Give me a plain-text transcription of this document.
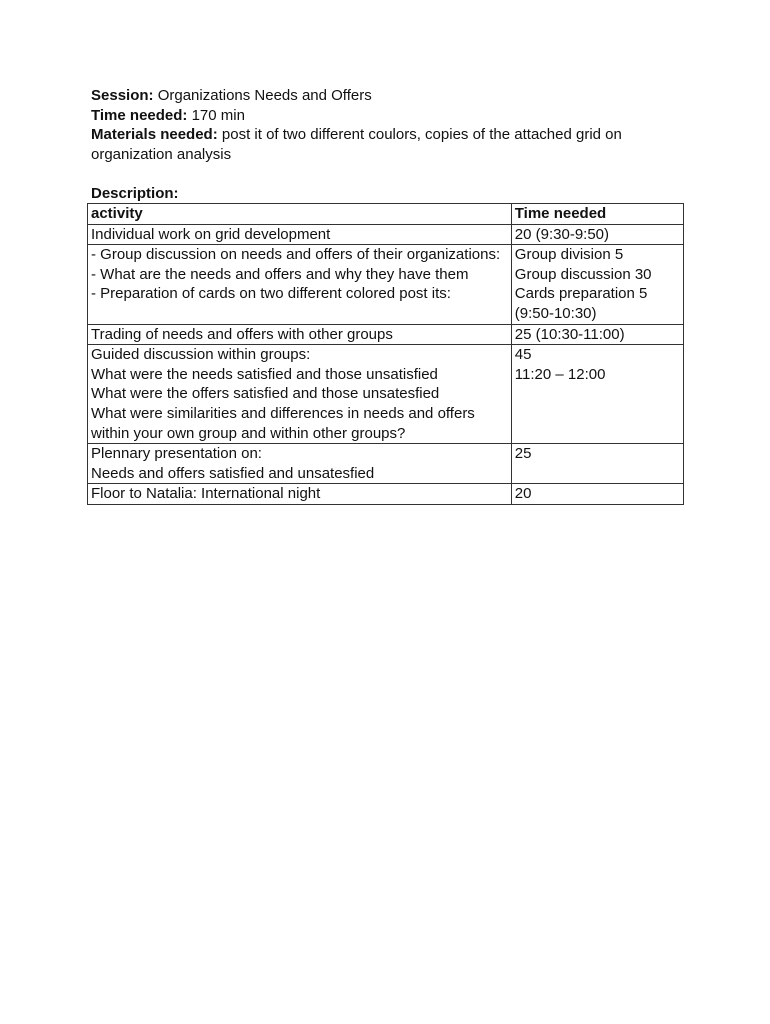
Session: Organizations Needs and Offers
Time needed: 170 min
Materials needed: post it of two different coulors, copies of the attached grid on
organization analysis
Description:
activity	Time needed

Individual work on grid development	20 (9:30-9:50)

- Group discussion on needs and offers of their organizations:
- What are the needs and offers and why they have them
- Preparation of cards on two different colored post its:	Group division 5
Group discussion 30
Cards preparation 5
(9:50-10:30)

Trading of needs and offers with other groups	25 (10:30-11:00)

Guided discussion within groups:
What were the needs satisfied and those unsatisfied
What were the offers satisfied and those unsatesfied
What were similarities and differences in needs and offers
within your own group and within other groups?	45
11:20 – 12:00

Plennary presentation on:
Needs and offers satisfied and unsatesfied	25

Floor to Natalia: International night	20
